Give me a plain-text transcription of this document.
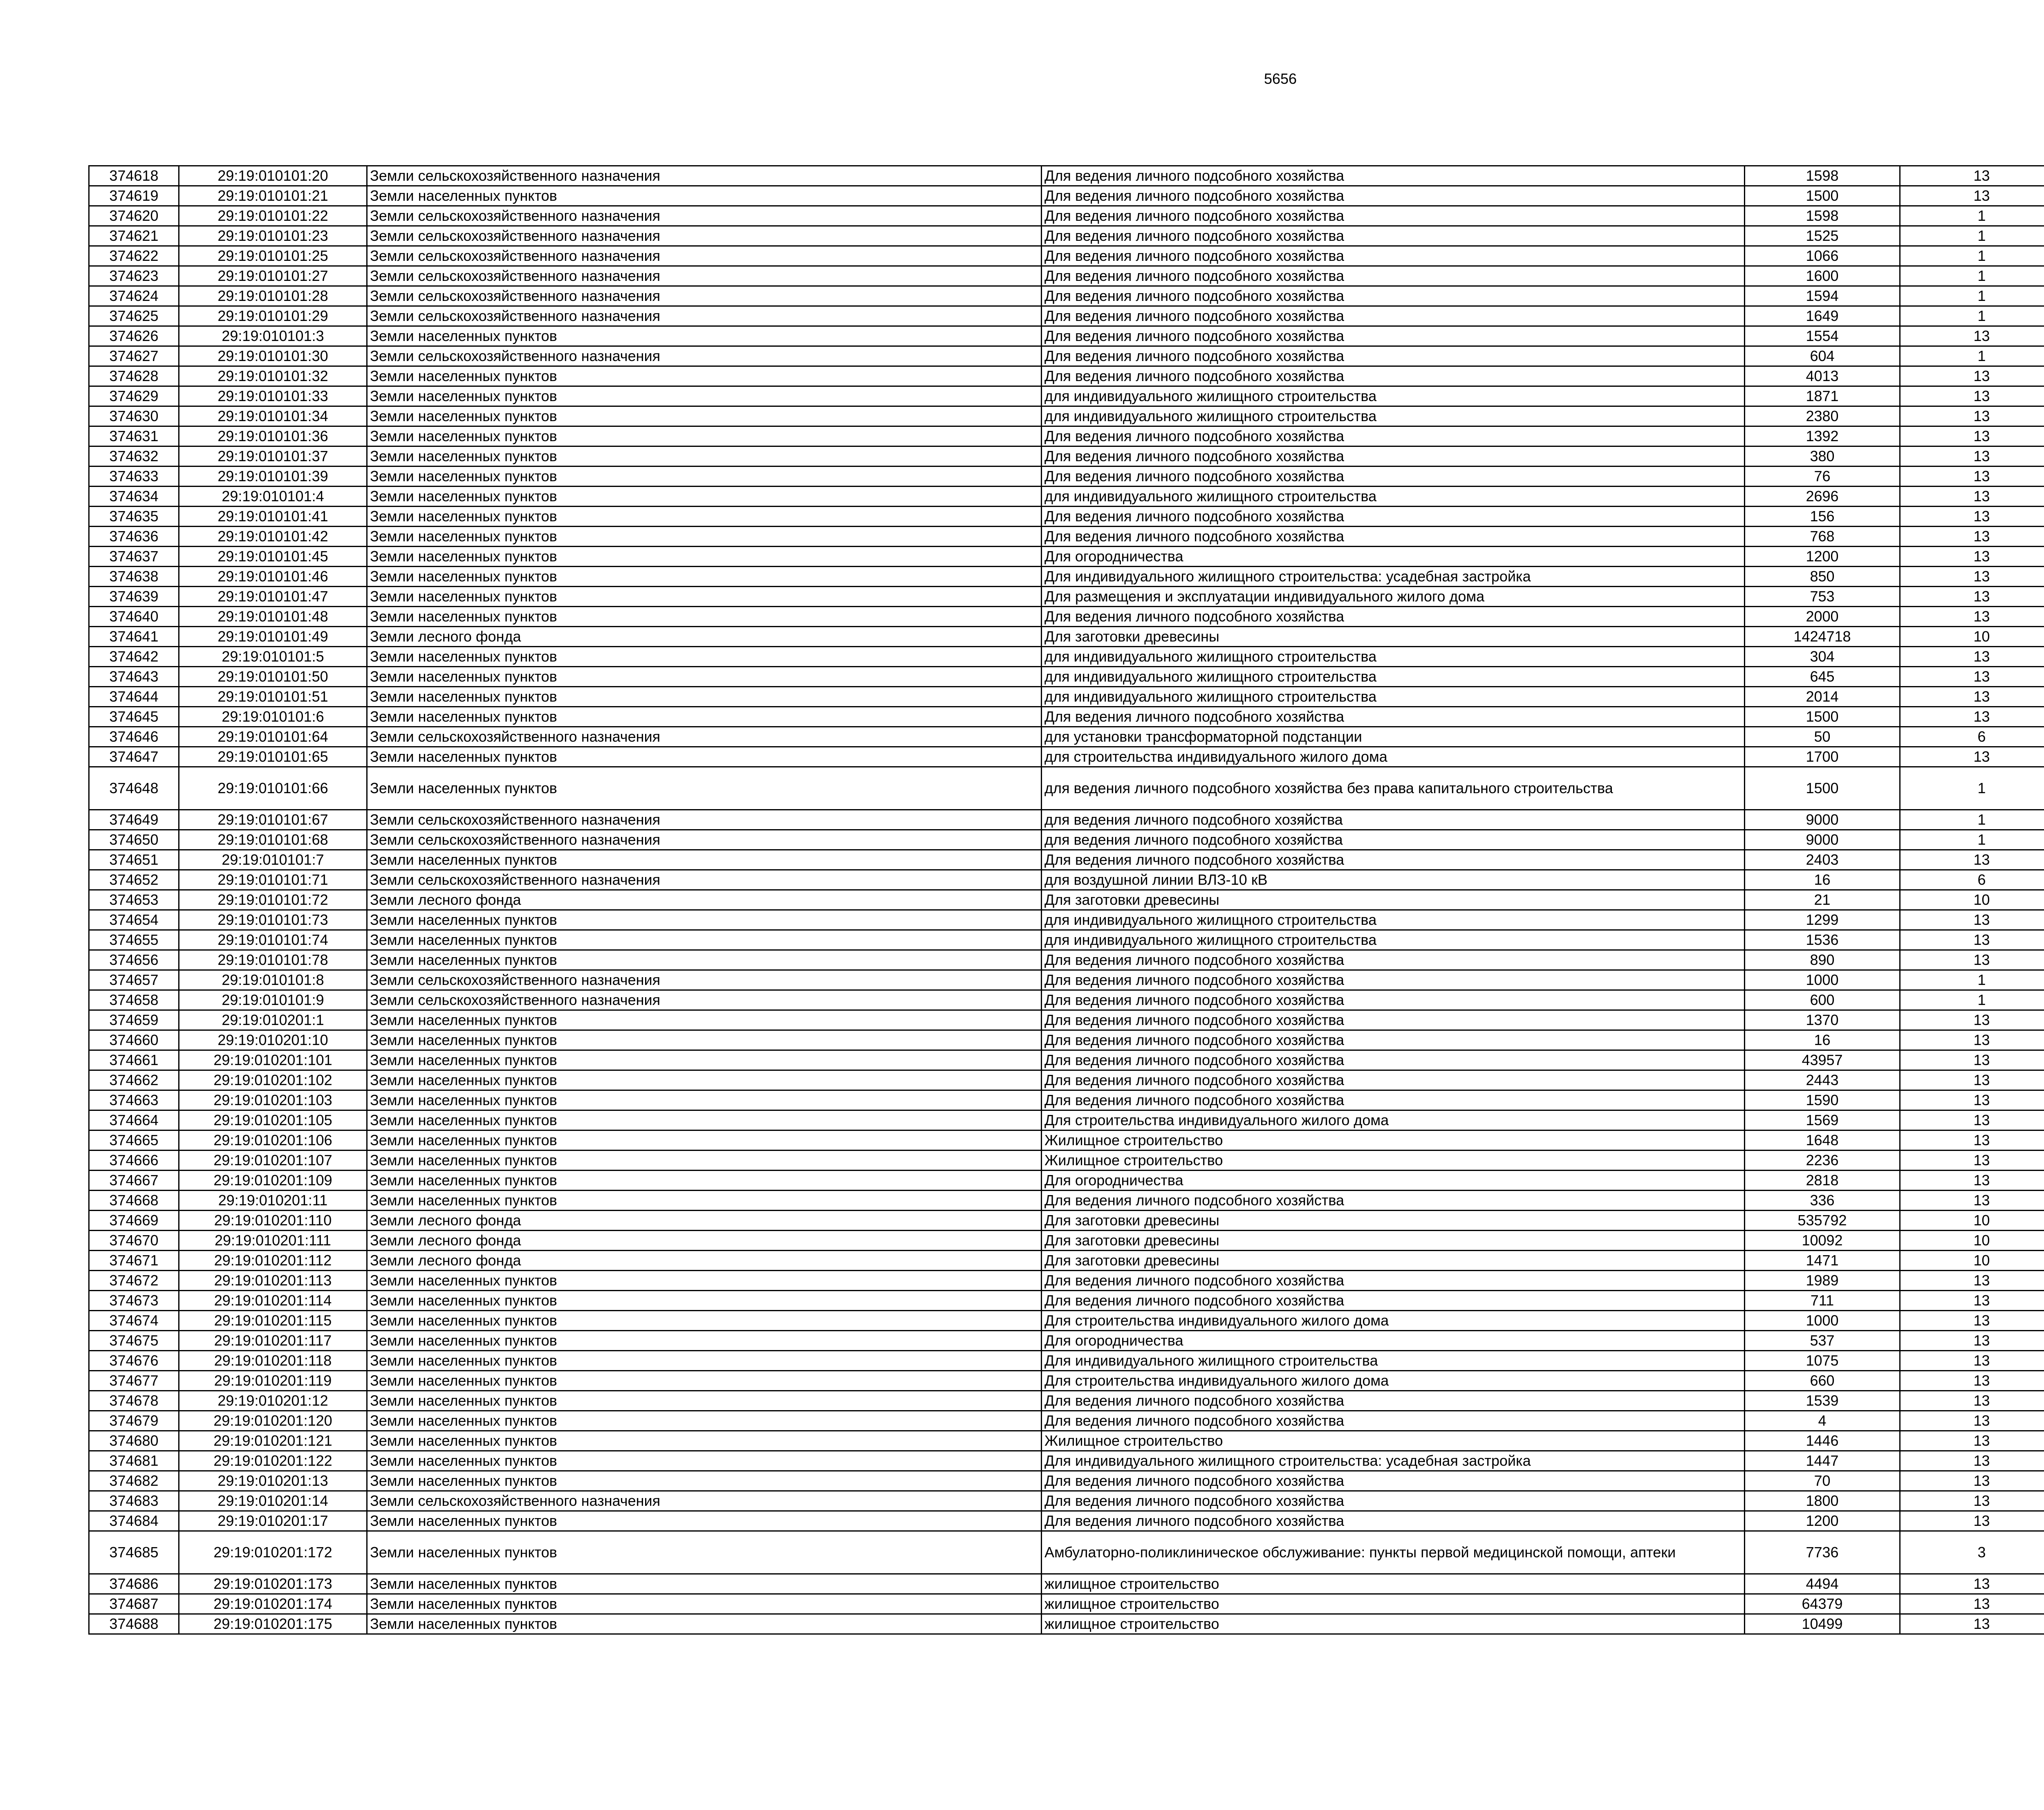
5656
374618	29:19:010101:20	Земли сельскохозяйственного назначения	Для ведения личного подсобного хозяйства	1598	13		
374619	29:19:010101:21	Земли населенных пунктов	Для ведения личного подсобного хозяйства	1500	13		
374620	29:19:010101:22	Земли сельскохозяйственного назначения	Для ведения личного подсобного хозяйства	1598	1		
374621	29:19:010101:23	Земли сельскохозяйственного назначения	Для ведения личного подсобного хозяйства	1525	1		
374622	29:19:010101:25	Земли сельскохозяйственного назначения	Для ведения личного подсобного хозяйства	1066	1		
374623	29:19:010101:27	Земли сельскохозяйственного назначения	Для ведения личного подсобного хозяйства	1600	1		
374624	29:19:010101:28	Земли сельскохозяйственного назначения	Для ведения личного подсобного хозяйства	1594	1		
374625	29:19:010101:29	Земли сельскохозяйственного назначения	Для ведения личного подсобного хозяйства	1649	1		
374626	29:19:010101:3	Земли населенных пунктов	Для ведения личного подсобного хозяйства	1554	13		
374627	29:19:010101:30	Земли сельскохозяйственного назначения	Для ведения личного подсобного хозяйства	604	1		
374628	29:19:010101:32	Земли населенных пунктов	Для ведения личного подсобного хозяйства	4013	13		
374629	29:19:010101:33	Земли населенных пунктов	для индивидуального жилищного строительства	1871	13		
374630	29:19:010101:34	Земли населенных пунктов	для индивидуального жилищного строительства	2380	13		
374631	29:19:010101:36	Земли населенных пунктов	Для ведения личного подсобного хозяйства	1392	13		
374632	29:19:010101:37	Земли населенных пунктов	Для ведения личного подсобного хозяйства	380	13		
374633	29:19:010101:39	Земли населенных пунктов	Для ведения личного подсобного хозяйства	76	13		
374634	29:19:010101:4	Земли населенных пунктов	для индивидуального жилищного строительства	2696	13		
374635	29:19:010101:41	Земли населенных пунктов	Для ведения личного подсобного хозяйства	156	13		
374636	29:19:010101:42	Земли населенных пунктов	Для ведения личного подсобного хозяйства	768	13		
374637	29:19:010101:45	Земли населенных пунктов	Для огородничества	1200	13		
374638	29:19:010101:46	Земли населенных пунктов	Для индивидуального жилищного строительства: усадебная застройка	850	13		
374639	29:19:010101:47	Земли населенных пунктов	Для размещения и эксплуатации индивидуального жилого дома	753	13		
374640	29:19:010101:48	Земли населенных пунктов	Для ведения личного подсобного хозяйства	2000	13		
374641	29:19:010101:49	Земли лесного фонда	Для заготовки древесины	1424718	10		
374642	29:19:010101:5	Земли населенных пунктов	для индивидуального жилищного строительства	304	13		
374643	29:19:010101:50	Земли населенных пунктов	для индивидуального жилищного строительства	645	13		
374644	29:19:010101:51	Земли населенных пунктов	для индивидуального жилищного строительства	2014	13		
374645	29:19:010101:6	Земли населенных пунктов	Для ведения личного подсобного хозяйства	1500	13		
374646	29:19:010101:64	Земли сельскохозяйственного назначения	для установки трансформаторной подстанции	50	6		
374647	29:19:010101:65	Земли населенных пунктов	для строительства индивидуального жилого дома	1700	13		
374648	29:19:010101:66	Земли населенных пунктов	для ведения личного подсобного хозяйства без права капитального строительства	1500	1		
374649	29:19:010101:67	Земли сельскохозяйственного назначения	для ведения личного подсобного хозяйства	9000	1		
374650	29:19:010101:68	Земли сельскохозяйственного назначения	для ведения личного подсобного хозяйства	9000	1		
374651	29:19:010101:7	Земли населенных пунктов	Для ведения личного подсобного хозяйства	2403	13		
374652	29:19:010101:71	Земли сельскохозяйственного назначения	для воздушной линии ВЛЗ-10 кВ	16	6		
374653	29:19:010101:72	Земли лесного фонда	Для заготовки древесины	21	10		
374654	29:19:010101:73	Земли населенных пунктов	для индивидуального жилищного строительства	1299	13		
374655	29:19:010101:74	Земли населенных пунктов	для индивидуального жилищного строительства	1536	13		
374656	29:19:010101:78	Земли населенных пунктов	Для ведения личного подсобного хозяйства	890	13		
374657	29:19:010101:8	Земли сельскохозяйственного назначения	Для ведения личного подсобного хозяйства	1000	1		
374658	29:19:010101:9	Земли сельскохозяйственного назначения	Для ведения личного подсобного хозяйства	600	1		
374659	29:19:010201:1	Земли населенных пунктов	Для ведения личного подсобного хозяйства	1370	13		
374660	29:19:010201:10	Земли населенных пунктов	Для ведения личного подсобного хозяйства	16	13		
374661	29:19:010201:101	Земли населенных пунктов	Для ведения личного подсобного хозяйства	43957	13		
374662	29:19:010201:102	Земли населенных пунктов	Для ведения личного подсобного хозяйства	2443	13		
374663	29:19:010201:103	Земли населенных пунктов	Для ведения личного подсобного хозяйства	1590	13		
374664	29:19:010201:105	Земли населенных пунктов	Для строительства индивидуального жилого дома	1569	13		
374665	29:19:010201:106	Земли населенных пунктов	Жилищное строительство	1648	13		
374666	29:19:010201:107	Земли населенных пунктов	Жилищное строительство	2236	13		
374667	29:19:010201:109	Земли населенных пунктов	Для огородничества	2818	13		
374668	29:19:010201:11	Земли населенных пунктов	Для ведения личного подсобного хозяйства	336	13		
374669	29:19:010201:110	Земли лесного фонда	Для заготовки древесины	535792	10		
374670	29:19:010201:111	Земли лесного фонда	Для заготовки древесины	10092	10		
374671	29:19:010201:112	Земли лесного фонда	Для заготовки древесины	1471	10		
374672	29:19:010201:113	Земли населенных пунктов	Для ведения личного подсобного хозяйства	1989	13		
374673	29:19:010201:114	Земли населенных пунктов	Для ведения личного подсобного хозяйства	711	13		
374674	29:19:010201:115	Земли населенных пунктов	Для строительства индивидуального жилого дома	1000	13		
374675	29:19:010201:117	Земли населенных пунктов	Для огородничества	537	13		
374676	29:19:010201:118	Земли населенных пунктов	Для индивидуального жилищного строительства	1075	13		
374677	29:19:010201:119	Земли населенных пунктов	Для строительства индивидуального жилого дома	660	13		
374678	29:19:010201:12	Земли населенных пунктов	Для ведения личного подсобного хозяйства	1539	13		
374679	29:19:010201:120	Земли населенных пунктов	Для ведения личного подсобного хозяйства	4	13		
374680	29:19:010201:121	Земли населенных пунктов	Жилищное строительство	1446	13		
374681	29:19:010201:122	Земли населенных пунктов	Для индивидуального жилищного строительства: усадебная застройка	1447	13		
374682	29:19:010201:13	Земли населенных пунктов	Для ведения личного подсобного хозяйства	70	13		
374683	29:19:010201:14	Земли сельскохозяйственного назначения	Для ведения личного подсобного хозяйства	1800	13		
374684	29:19:010201:17	Земли населенных пунктов	Для ведения личного подсобного хозяйства	1200	13		
374685	29:19:010201:172	Земли населенных пунктов	Амбулаторно-поликлиническое обслуживание: пункты первой медицинской помощи, аптеки	7736	3		
374686	29:19:010201:173	Земли населенных пунктов	жилищное строительство	4494	13		
374687	29:19:010201:174	Земли населенных пунктов	жилищное строительство	64379	13		
374688	29:19:010201:175	Земли населенных пунктов	жилищное строительство	10499	13		
